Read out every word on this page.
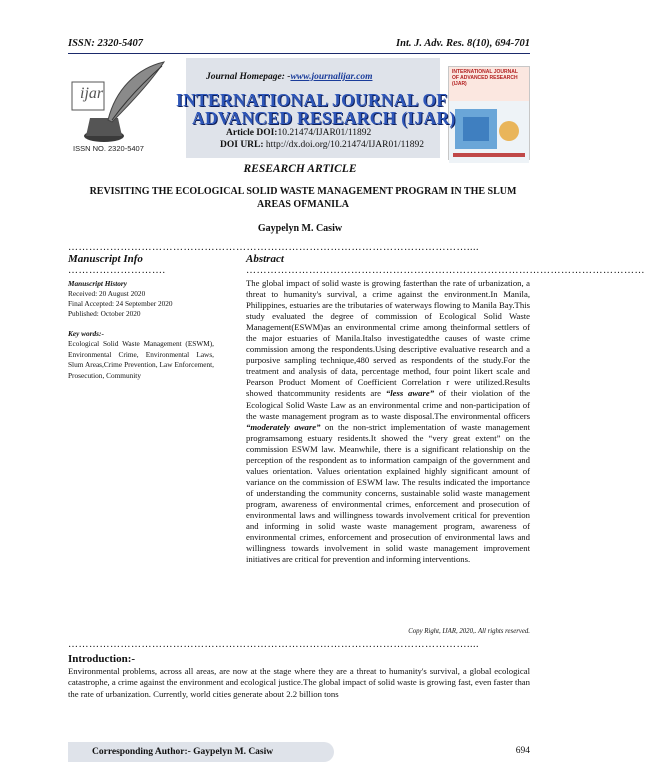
ISSN: 2320-5407	Int. J. Adv. Res. 8(10), 694-701
ijar
INTERNATIONAL JOURNAL OF ADVANCED RESEARCH (IJAR)
Journal Homepage: -www.journalijar.com
INTERNATIONAL JOURNAL OF
ADVANCED RESEARCH (IJAR)
Article DOI:10.21474/IJAR01/11892
DOI URL: http://dx.doi.org/10.21474/IJAR01/11892
ISSN NO. 2320-5407
RESEARCH ARTICLE
REVISITING THE ECOLOGICAL SOLID WASTE MANAGEMENT PROGRAM IN THE SLUM AREAS OFMANILA
Gaypelyn M. Casiw
……………………………………………………………………………………………………....
Manuscript Info
……………………….
Manuscript History
Received: 20 August 2020
Final Accepted: 24 September 2020
Published: October 2020
Key words:-
Ecological Solid Waste Management (ESWM), Environmental Crime, Environmental Laws, Slum Areas,Crime Prevention, Law Enforcement, Prosecution, Community
Abstract
……………………………………………………………………………………………………
The global impact of solid waste is growing fasterthan the rate of urbanization, a threat to humanity's survival, a crime against the environment.In Manila, Philippines, estuaries are the tributaries of waterways flowing to Manila Bay.This study evaluated the degree of commission of Ecological Solid Waste Management(ESWM)as an environmental crime among theinformal settlers of the major estuaries of Manila.Italso investigatedthe causes of waste crime commission among the respondents.Using descriptive evaluative research and a purposive sampling technique,480 served as respondents of the study.For the treatment and analysis of data, percentage method, four point likert scale and Pearson Product Moment of Coefficient Correlation r were utilized.Results showed thatcommunity residents are “less aware” of their violation of the Ecological Solid Waste Law as an environmental crime and non-participation of the waste management program as to waste disposal.The environmental officers “moderately aware” on the non-strict implementation of waste management programsamong estuary residents.It showed the “very great extent” on the commission ESWM law. Meanwhile, there is a significant relationship on the perception of the respondent as to information campaign of the government and values orientation. Values orientation explained highly significant amount of variance on the commission of ESWM law. The results indicated the importance of understanding the community concerns, sustainable solid waste management program, awareness of environmental crimes, enforcement and prosecution of environmental laws and willingness towards involvement critical for prevention and informing in solid waste waste management program, awareness of environmental crimes, enforcement and prosecution of environmental laws and willingness towards involvement in solid waste management improvement initiatives are critical for prevention and informing interventions.
Copy Right, IJAR, 2020,. All rights reserved.
……………………………………………………………………………………………………....
Introduction:-
Environmental problems, across all areas, are now at the stage where they are a threat to humanity's survival, a global ecological catastrophe, a crime against the environment and ecological justice.The global impact of solid waste is growing fast, even faster than the rate of urbanization. Currently, world cities generate about 2.2 billion tons
Corresponding Author:- Gaypelyn M. Casiw	694
